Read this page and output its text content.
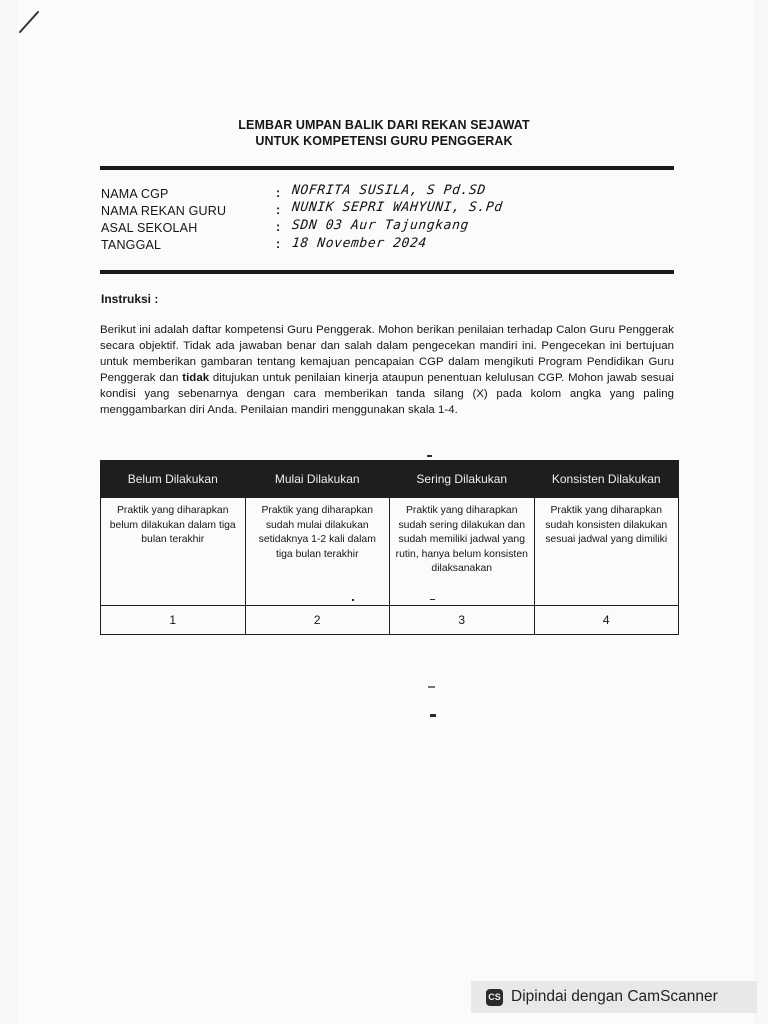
LEMBAR UMPAN BALIK DARI REKAN SEJAWAT
UNTUK KOMPETENSI GURU PENGGERAK
NAMA CGP	: NOFRITA SUSILA, S Pd.SD
NAMA REKAN GURU	: NUNIK SEPRI WAHYUNI, S.Pd
ASAL SEKOLAH	: SDN 03 Aur Tajungkang
TANGGAL	: 18 November 2024
Instruksi :
Berikut ini adalah daftar kompetensi Guru Penggerak. Mohon berikan penilaian terhadap Calon Guru Penggerak secara objektif. Tidak ada jawaban benar dan salah dalam pengecekan mandiri ini. Pengecekan ini bertujuan untuk memberikan gambaran tentang kemajuan pencapaian CGP dalam mengikuti Program Pendidikan Guru Penggerak dan tidak ditujukan untuk penilaian kinerja ataupun penentuan kelulusan CGP. Mohon jawab sesuai kondisi yang sebenarnya dengan cara memberikan tanda silang (X) pada kolom angka yang paling menggambarkan diri Anda. Penilaian mandiri menggunakan skala 1-4.
Belum Dilakukan	Mulai Dilakukan	Sering Dilakukan	Konsisten Dilakukan
Praktik yang diharapkan belum dilakukan dalam tiga bulan terakhir	Praktik yang diharapkan sudah mulai dilakukan setidaknya 1-2 kali dalam tiga bulan terakhir	Praktik yang diharapkan sudah sering dilakukan dan sudah memiliki jadwal yang rutin, hanya belum konsisten dilaksanakan	Praktik yang diharapkan sudah konsisten dilakukan sesuai jadwal yang dimiliki
1	2	3	4
CS Dipindai dengan CamScanner
